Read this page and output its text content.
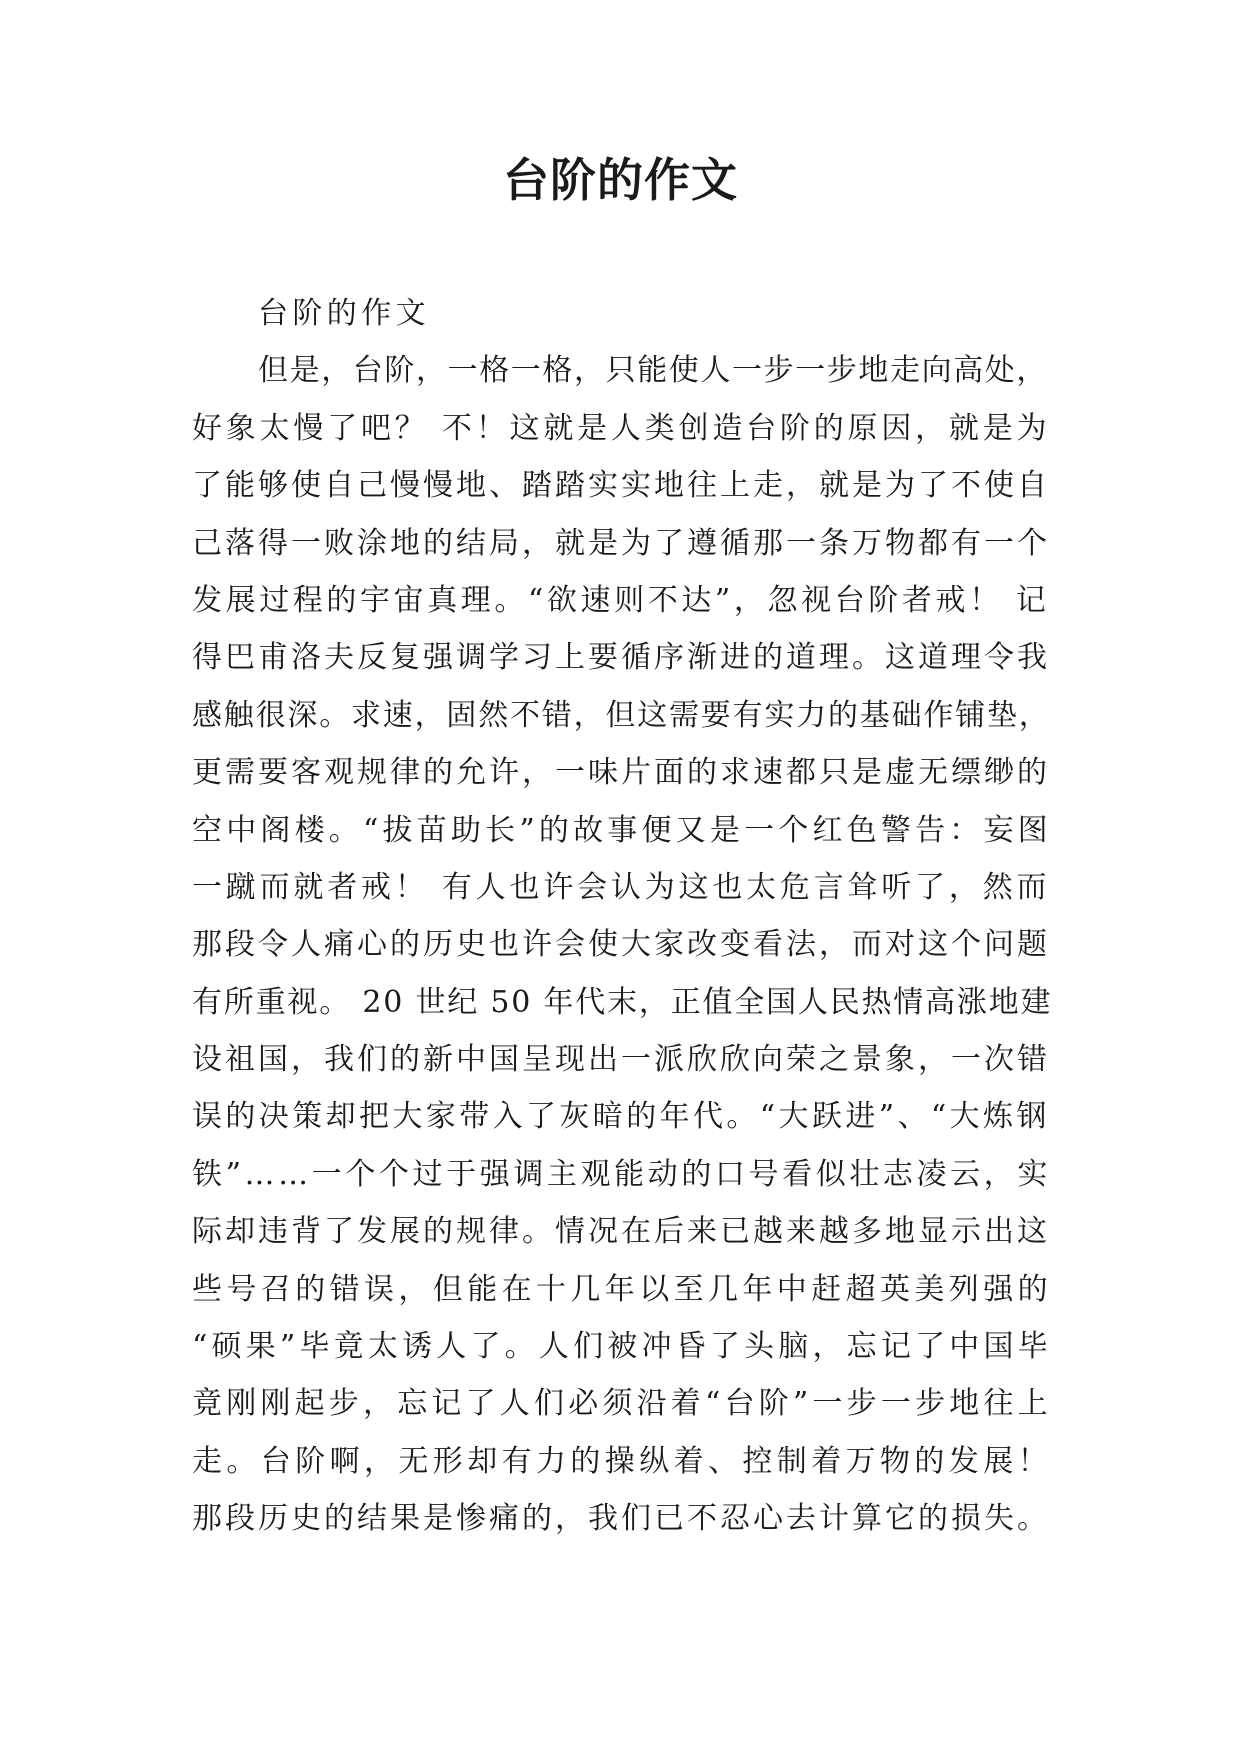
台阶的作文
台阶的作文
但是，台阶，一格一格，只能使人一步一步地走向高处，
好象太慢了吧？ 不！这就是人类创造台阶的原因，就是为
了能够使自己慢慢地、踏踏实实地往上走，就是为了不使自
己落得一败涂地的结局，就是为了遵循那一条万物都有一个
发展过程的宇宙真理。“欲速则不达”，忽视台阶者戒！ 记
得巴甫洛夫反复强调学习上要循序渐进的道理。这道理令我
感触很深。求速，固然不错，但这需要有实力的基础作铺垫，
更需要客观规律的允许，一味片面的求速都只是虚无缥缈的
空中阁楼。“拔苗助长”的故事便又是一个红色警告：妄图
一蹴而就者戒！ 有人也许会认为这也太危言耸听了，然而
那段令人痛心的历史也许会使大家改变看法，而对这个问题
有所重视。 20 世纪 50 年代末，正值全国人民热情高涨地建
设祖国，我们的新中国呈现出一派欣欣向荣之景象，一次错
误的决策却把大家带入了灰暗的年代。“大跃进”、“大炼钢
铁”……一个个过于强调主观能动的口号看似壮志凌云，实
际却违背了发展的规律。情况在后来已越来越多地显示出这
些号召的错误，但能在十几年以至几年中赶超英美列强的
“硕果”毕竟太诱人了。人们被冲昏了头脑，忘记了中国毕
竟刚刚起步，忘记了人们必须沿着“台阶”一步一步地往上
走。台阶啊，无形却有力的操纵着、控制着万物的发展！
那段历史的结果是惨痛的，我们已不忍心去计算它的损失。
